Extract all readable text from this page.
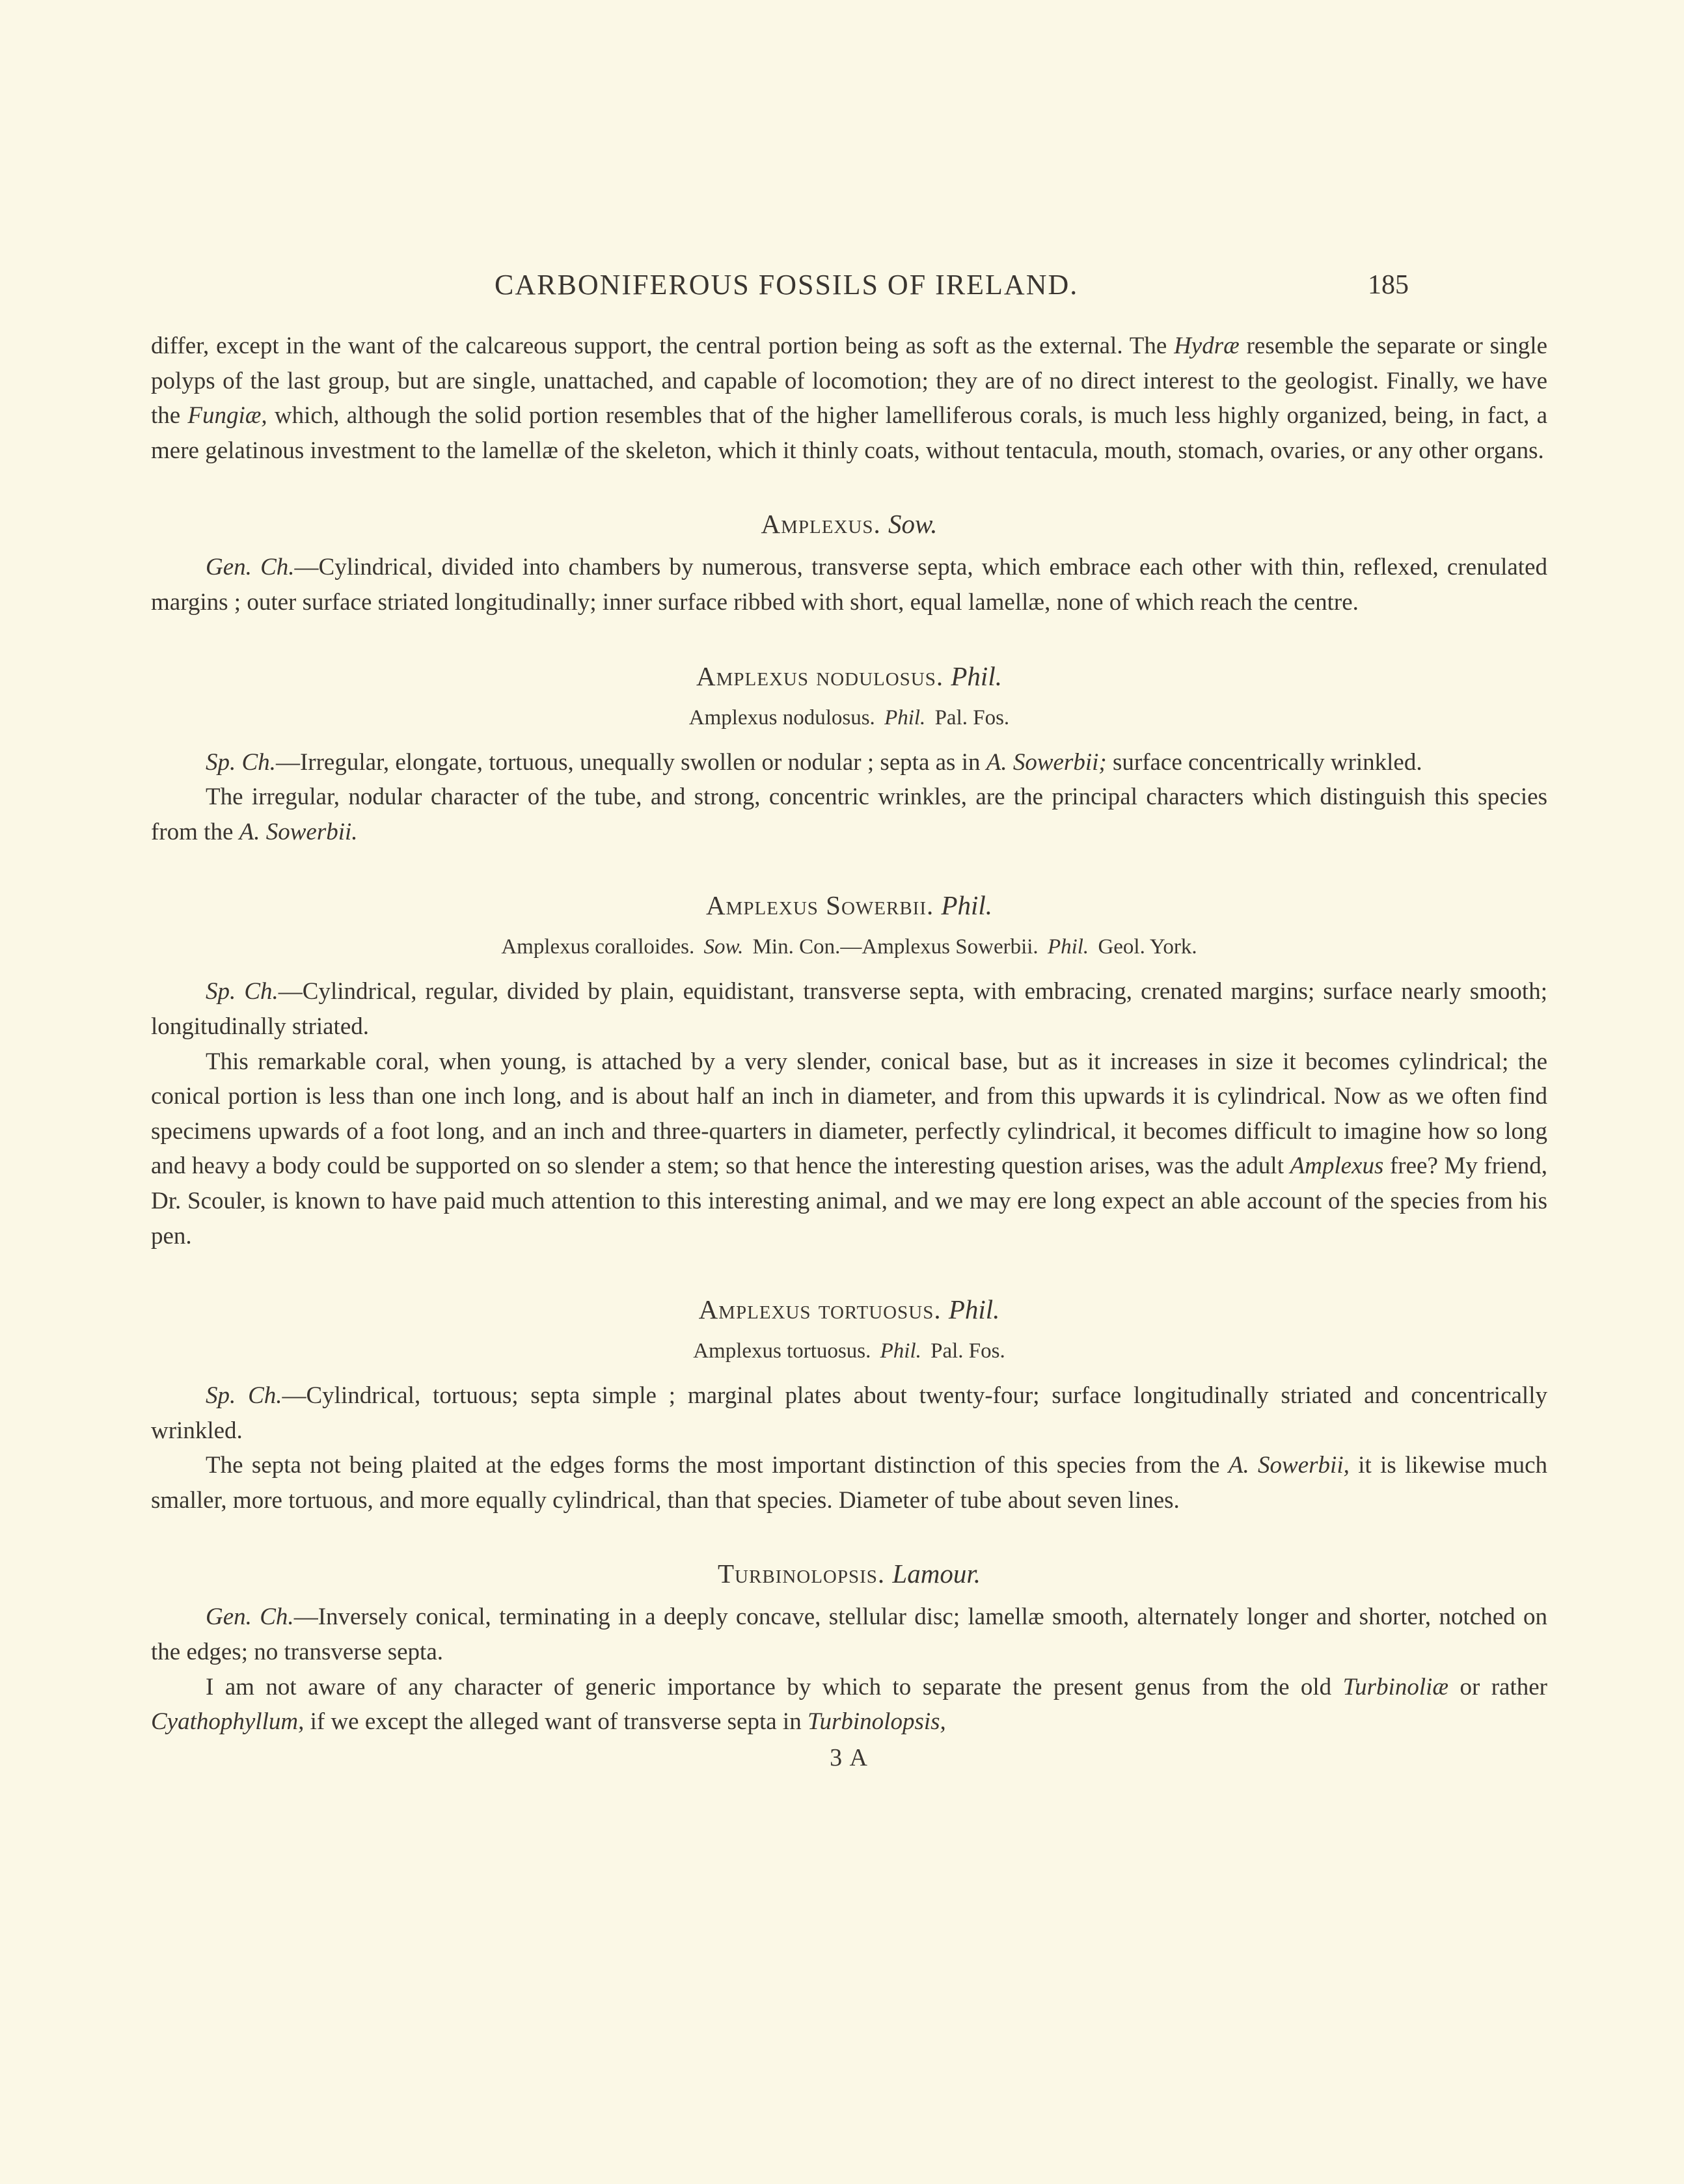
CARBONIFEROUS FOSSILS OF IRELAND.	185

differ, except in the want of the calcareous support, the central portion being as soft as the external. The Hydræ resemble the separate or single polyps of the last group, but are single, unattached, and capable of locomotion; they are of no direct interest to the geologist. Finally, we have the Fungiæ, which, although the solid portion resembles that of the higher lamelliferous corals, is much less highly organized, being, in fact, a mere gelatinous investment to the lamellæ of the skeleton, which it thinly coats, without tentacula, mouth, stomach, ovaries, or any other organs.

Amplexus. Sow.

Gen. Ch.—Cylindrical, divided into chambers by numerous, transverse septa, which embrace each other with thin, reflexed, crenulated margins ; outer surface striated longitudinally; inner surface ribbed with short, equal lamellæ, none of which reach the centre.

Amplexus nodulosus. Phil.
Amplexus nodulosus. Phil. Pal. Fos.

Sp. Ch.—Irregular, elongate, tortuous, unequally swollen or nodular ; septa as in A. Sowerbii; surface concentrically wrinkled.

The irregular, nodular character of the tube, and strong, concentric wrinkles, are the principal characters which distinguish this species from the A. Sowerbii.

Amplexus Sowerbii. Phil.
Amplexus coralloides. Sow. Min. Con.—Amplexus Sowerbii. Phil. Geol. York.

Sp. Ch.—Cylindrical, regular, divided by plain, equidistant, transverse septa, with embracing, crenated margins; surface nearly smooth; longitudinally striated.

This remarkable coral, when young, is attached by a very slender, conical base, but as it increases in size it becomes cylindrical; the conical portion is less than one inch long, and is about half an inch in diameter, and from this upwards it is cylindrical. Now as we often find specimens upwards of a foot long, and an inch and three-quarters in diameter, perfectly cylindrical, it becomes difficult to imagine how so long and heavy a body could be supported on so slender a stem; so that hence the interesting question arises, was the adult Amplexus free? My friend, Dr. Scouler, is known to have paid much attention to this interesting animal, and we may ere long expect an able account of the species from his pen.

Amplexus tortuosus. Phil.
Amplexus tortuosus. Phil. Pal. Fos.

Sp. Ch.—Cylindrical, tortuous; septa simple ; marginal plates about twenty-four; surface longitudinally striated and concentrically wrinkled.

The septa not being plaited at the edges forms the most important distinction of this species from the A. Sowerbii, it is likewise much smaller, more tortuous, and more equally cylindrical, than that species. Diameter of tube about seven lines.

Turbinolopsis. Lamour.

Gen. Ch.—Inversely conical, terminating in a deeply concave, stellular disc; lamellæ smooth, alternately longer and shorter, notched on the edges; no transverse septa.

I am not aware of any character of generic importance by which to separate the present genus from the old Turbinoliæ or rather Cyathophyllum, if we except the alleged want of transverse septa in Turbinolopsis,

3 A
